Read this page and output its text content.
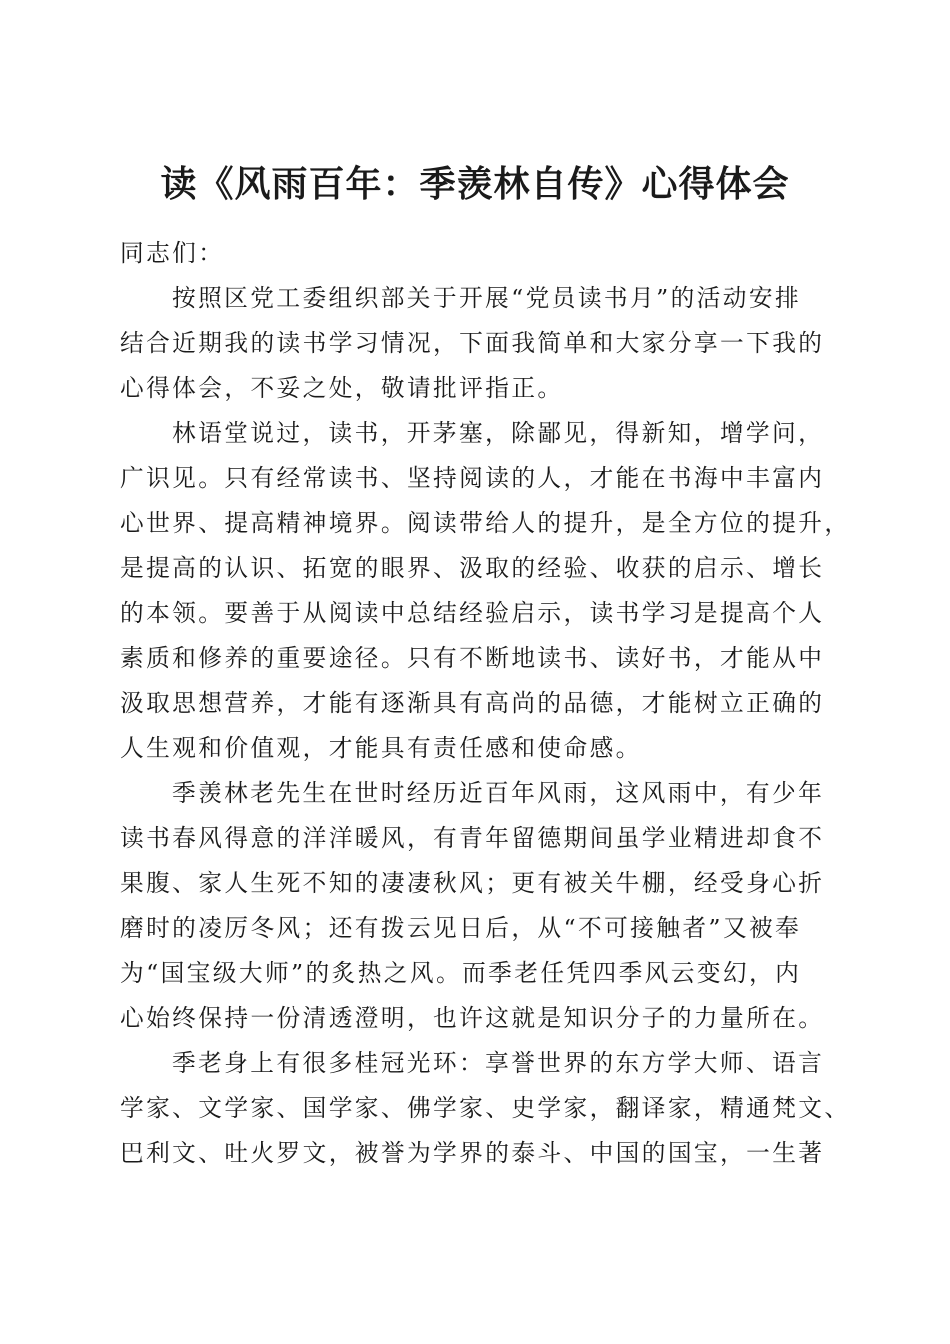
读《风雨百年：季羡林自传》心得体会

同志们：

按照区党工委组织部关于开展“党员读书月”的活动安排
结合近期我的读书学习情况，下面我简单和大家分享一下我的
心得体会，不妥之处，敬请批评指正。

林语堂说过，读书，开茅塞，除鄙见，得新知，增学问，
广识见。只有经常读书、坚持阅读的人，才能在书海中丰富内
心世界、提高精神境界。阅读带给人的提升，是全方位的提升，
是提高的认识、拓宽的眼界、汲取的经验、收获的启示、增长
的本领。要善于从阅读中总结经验启示，读书学习是提高个人
素质和修养的重要途径。只有不断地读书、读好书，才能从中
汲取思想营养，才能有逐渐具有高尚的品德，才能树立正确的
人生观和价值观，才能具有责任感和使命感。

季羡林老先生在世时经历近百年风雨，这风雨中，有少年
读书春风得意的洋洋暖风，有青年留德期间虽学业精进却食不
果腹、家人生死不知的凄凄秋风；更有被关牛棚，经受身心折
磨时的凌厉冬风；还有拨云见日后，从“不可接触者”又被奉
为“国宝级大师”的炙热之风。而季老任凭四季风云变幻，内
心始终保持一份清透澄明，也许这就是知识分子的力量所在。

季老身上有很多桂冠光环：享誉世界的东方学大师、语言
学家、文学家、国学家、佛学家、史学家，翻译家，精通梵文、
巴利文、吐火罗文，被誉为学界的泰斗、中国的国宝，一生著
